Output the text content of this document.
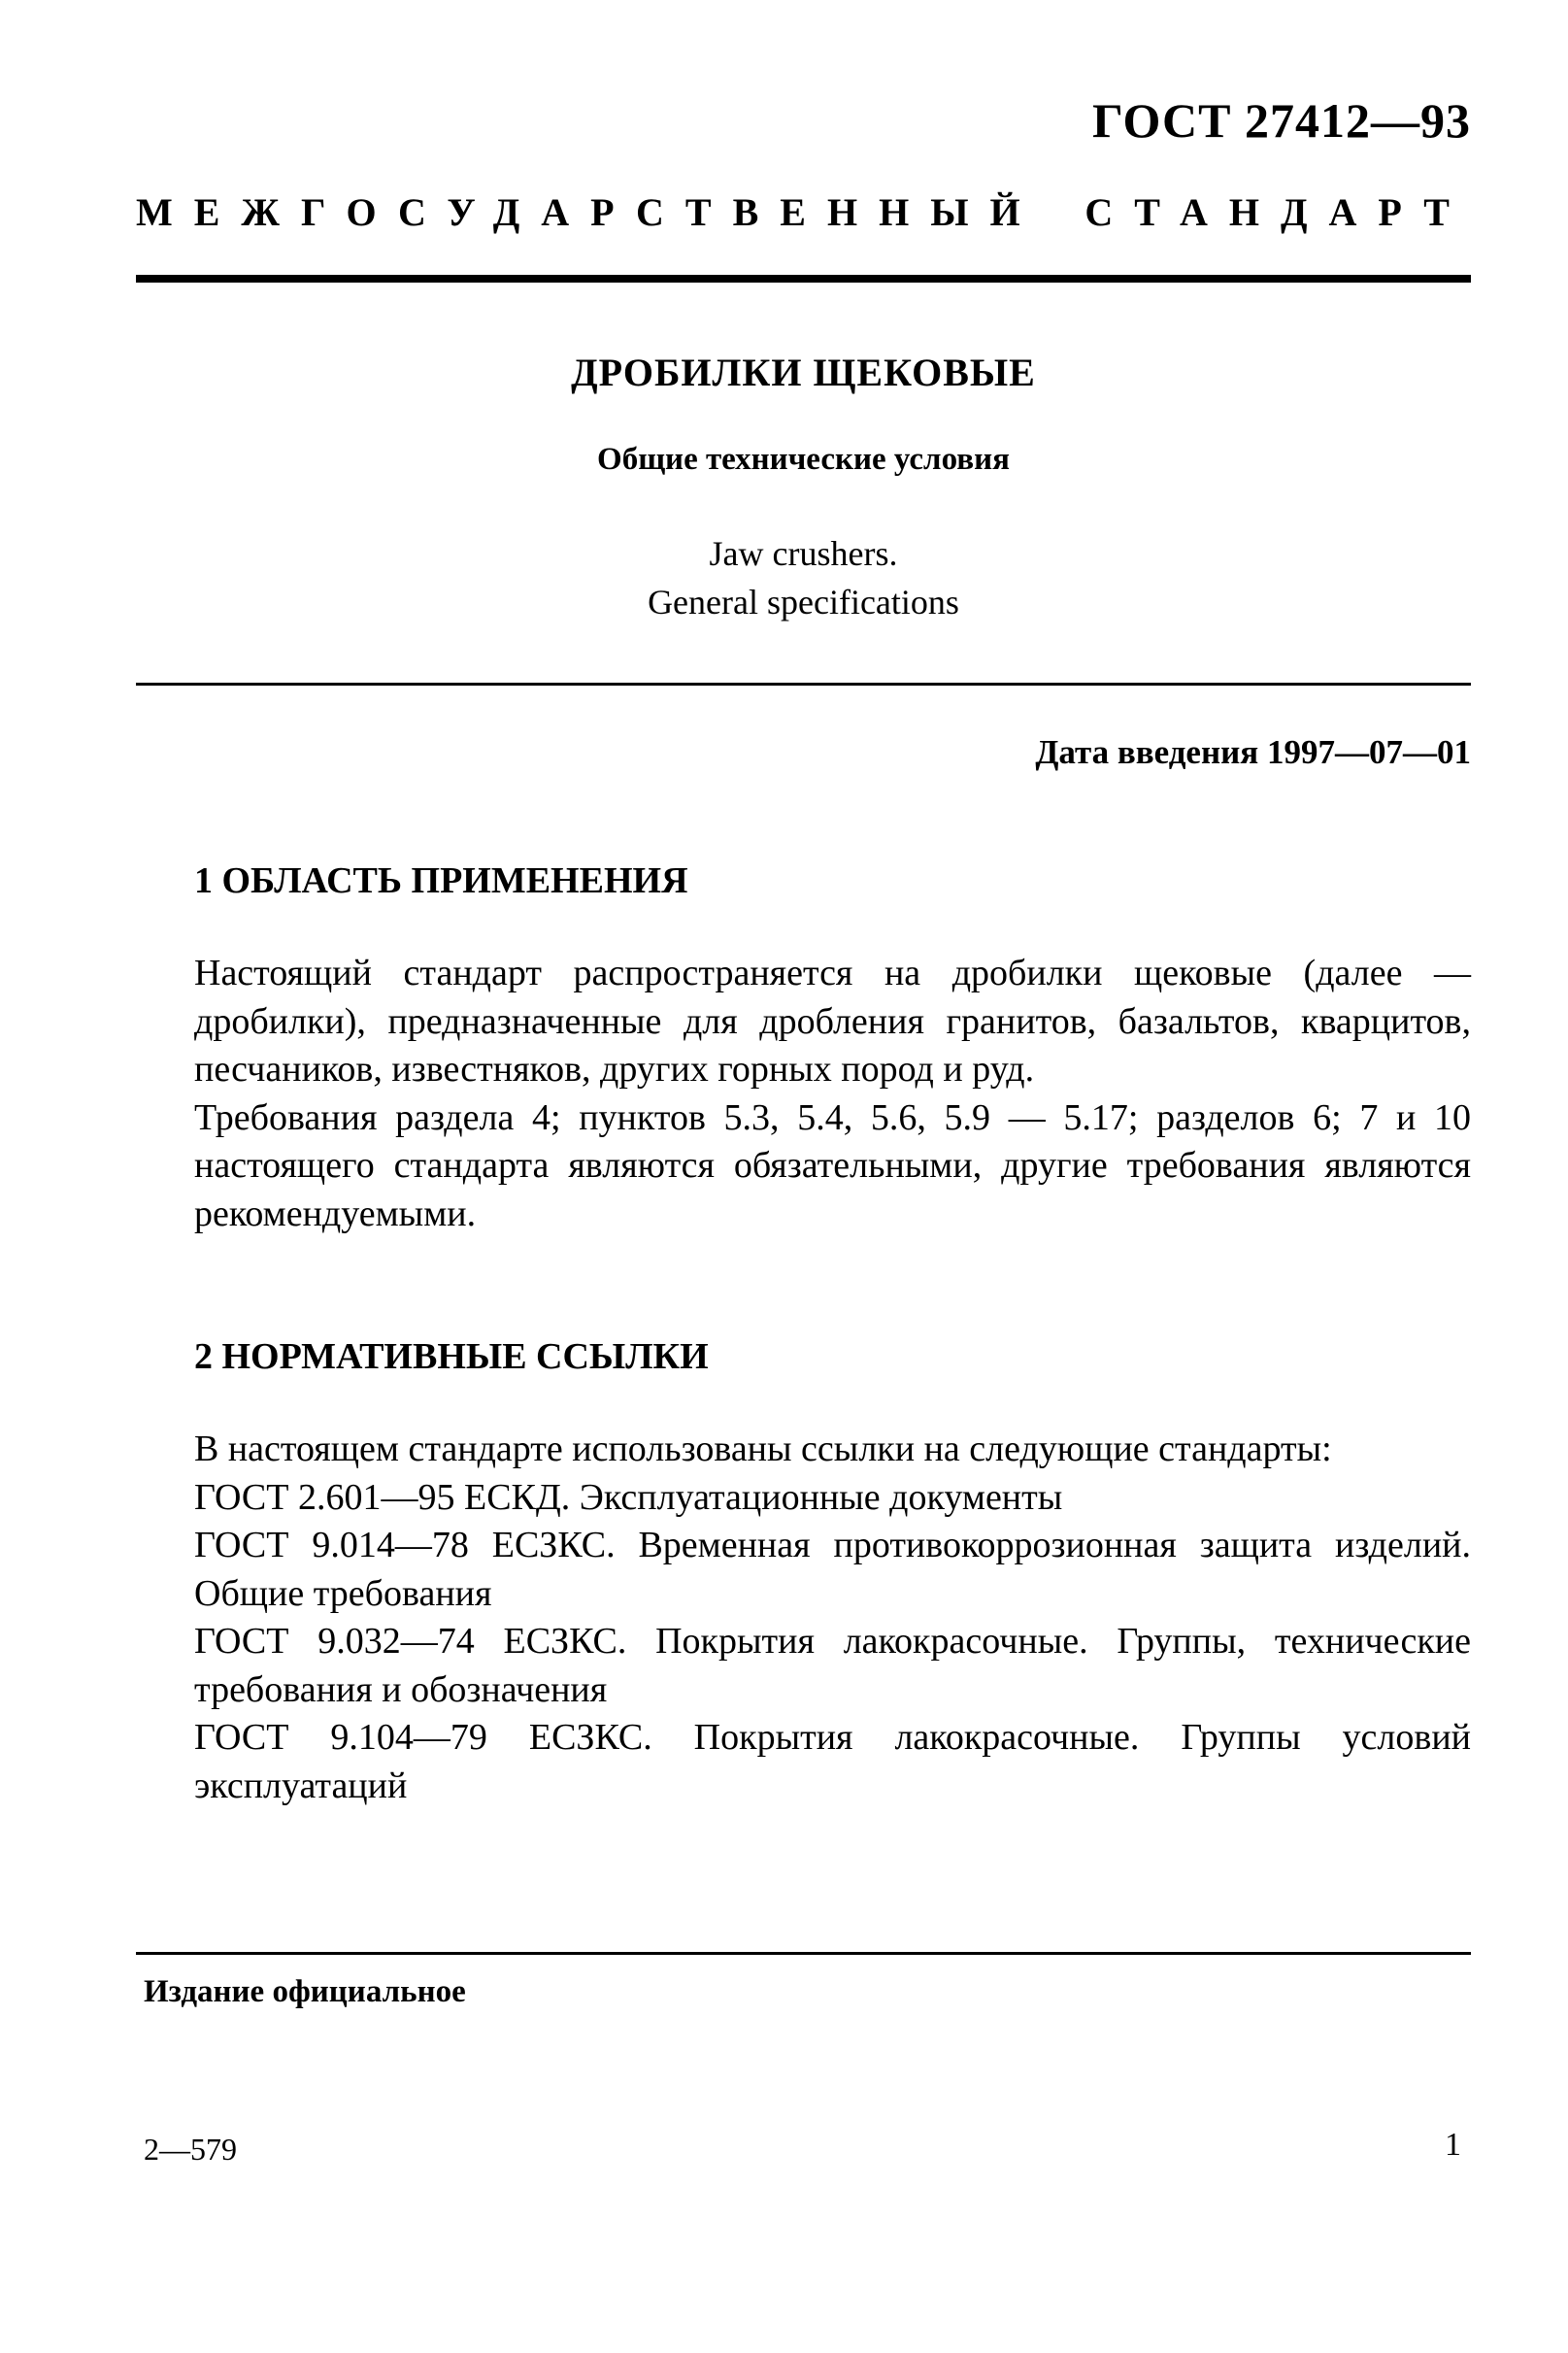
ГОСТ 27412—93
МЕЖГОСУДАРСТВЕННЫЙ СТАНДАРТ
ДРОБИЛКИ ЩЕКОВЫЕ
Общие технические условия
Jaw crushers.
General specifications
Дата введения 1997—07—01
1 ОБЛАСТЬ ПРИМЕНЕНИЯ

Настоящий стандарт распространяется на дробилки щековые (далее — дробилки), предназначенные для дробления гранитов, базальтов, кварцитов, песчаников, известняков, других горных пород и руд.

Требования раздела 4; пунктов 5.3, 5.4, 5.6, 5.9 — 5.17; разделов 6; 7 и 10 настоящего стандарта являются обязательными, другие требования являются рекомендуемыми.

2 НОРМАТИВНЫЕ ССЫЛКИ

В настоящем стандарте использованы ссылки на следующие стандарты:

ГОСТ 2.601—95 ЕСКД. Эксплуатационные документы

ГОСТ 9.014—78 ЕСЗКС. Временная противокоррозионная защита изделий. Общие требования

ГОСТ 9.032—74 ЕСЗКС. Покрытия лакокрасочные. Группы, технические требования и обозначения

ГОСТ 9.104—79 ЕСЗКС. Покрытия лакокрасочные. Группы условий эксплуатаций

Издание официальное
2—579	1
